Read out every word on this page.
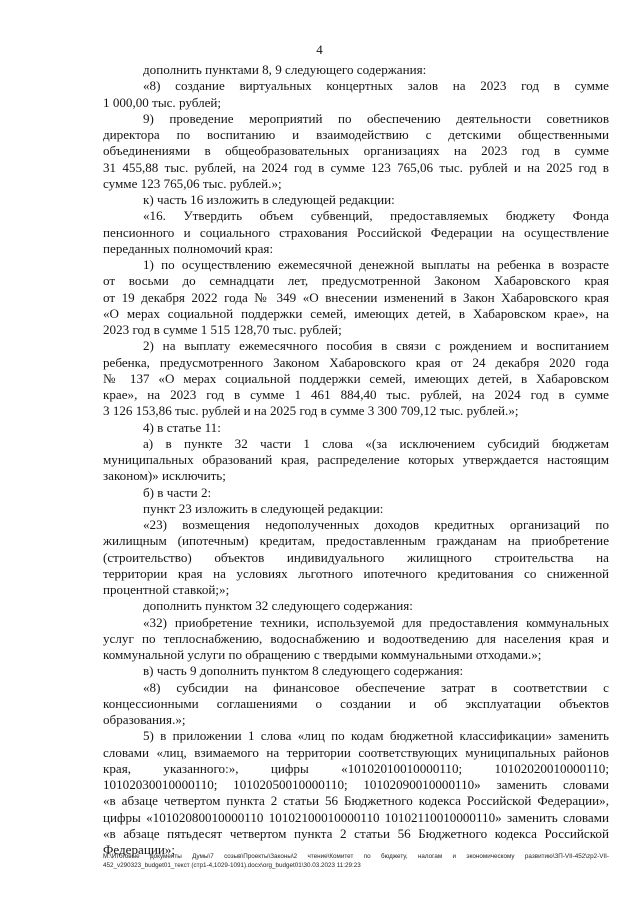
4
дополнить пунктами 8, 9 следующего содержания:
«8) создание виртуальных концертных залов на 2023 год в сумме
1 000,00 тыс. рублей;
9) проведение мероприятий по обеспечению деятельности советников
директора по воспитанию и взаимодействию с детскими общественными
объединениями в общеобразовательных организациях на 2023 год в сумме
31 455,88 тыс. рублей, на 2024 год в сумме 123 765,06 тыс. рублей и на 2025 год в
сумме 123 765,06 тыс. рублей.»;
к) часть 16 изложить в следующей редакции:
«16. Утвердить объем субвенций, предоставляемых бюджету Фонда
пенсионного и социального страхования Российской Федерации на осуществление
переданных полномочий края:
1) по осуществлению ежемесячной денежной выплаты на ребенка в возрасте
от восьми до семнадцати лет, предусмотренной Законом Хабаровского края
от 19 декабря 2022 года № 349 «О внесении изменений в Закон Хабаровского края
«О мерах социальной поддержки семей, имеющих детей, в Хабаровском крае», на
2023 год в сумме 1 515 128,70 тыс. рублей;
2) на выплату ежемесячного пособия в связи с рождением и воспитанием
ребенка, предусмотренного Законом Хабаровского края от 24 декабря 2020 года
№ 137 «О мерах социальной поддержки семей, имеющих детей, в Хабаровском
крае», на 2023 год в сумме 1 461 884,40 тыс. рублей, на 2024 год в сумме
3 126 153,86 тыс. рублей и на 2025 год в сумме 3 300 709,12 тыс. рублей.»;
4) в статье 11:
а) в пункте 32 части 1 слова «(за исключением субсидий бюджетам
муниципальных образований края, распределение которых утверждается настоящим
законом)» исключить;
б) в части 2:
пункт 23 изложить в следующей редакции:
«23) возмещения недополученных доходов кредитных организаций по
жилищным (ипотечным) кредитам, предоставленным гражданам на приобретение
(строительство) объектов индивидуального жилищного строительства на
территории края на условиях льготного ипотечного кредитования со сниженной
процентной ставкой;»;
дополнить пунктом 32 следующего содержания:
«32) приобретение техники, используемой для предоставления коммунальных
услуг по теплоснабжению, водоснабжению и водоотведению для населения края и
коммунальной услуги по обращению с твердыми коммунальными отходами.»;
в) часть 9 дополнить пунктом 8 следующего содержания:
«8) субсидии на финансовое обеспечение затрат в соответствии с
концессионными соглашениями о создании и об эксплуатации объектов
образования.»;
5) в приложении 1 слова «лиц по кодам бюджетной классификации» заменить
словами «лиц, взимаемого на территории соответствующих муниципальных районов
края, указанного:», цифры «10102010010000110; 10102020010000110;
10102030010000110; 10102050010000110; 10102090010000110» заменить словами
«в абзаце четвертом пункта 2 статьи 56 Бюджетного кодекса Российской Федерации»,
цифры «10102080010000110 10102100010000110 10102110010000110» заменить словами
«в абзаце пятьдесят четвертом пункта 2 статьи 56 Бюджетного кодекса Российской
Федерации»;
M:\Итоговые документы Думы\7 созыв\Проекты\Законы\2 чтение\Комитет по бюджету, налогам и экономическому развитию\ЗП-VII-452\zp2-VII-
452_v290323_budget01_текст (стр1-4,1029-1091).docx\org_budget01\30.03.2023 11:29:23
